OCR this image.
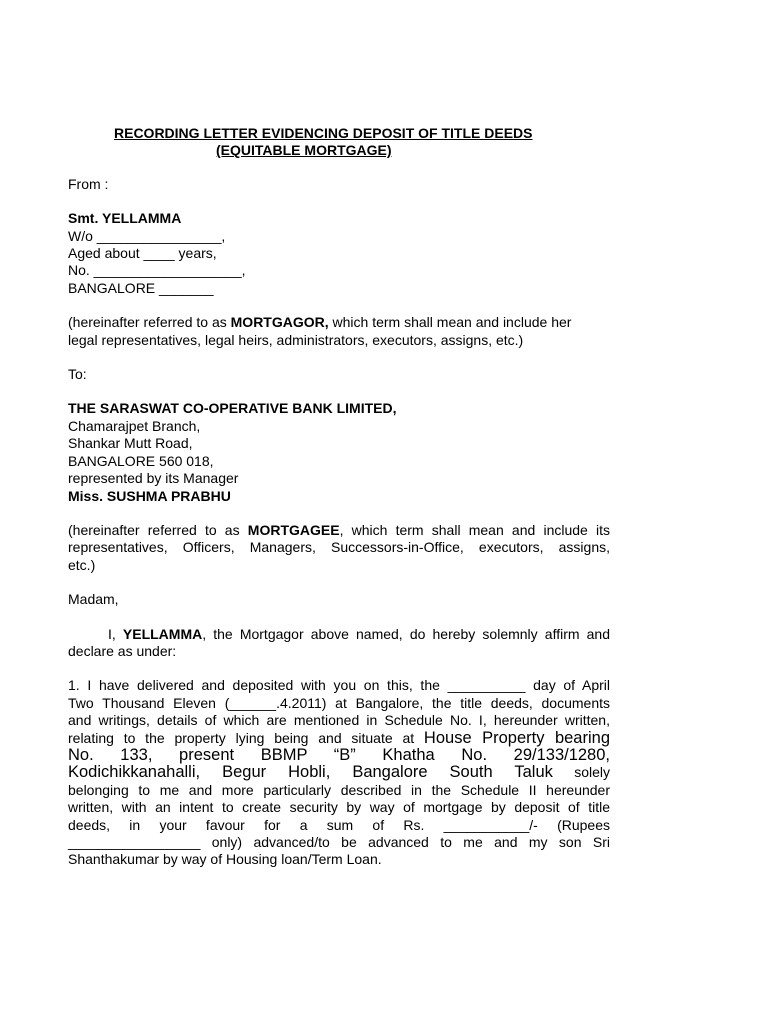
RECORDING LETTER EVIDENCING DEPOSIT OF TITLE DEEDS
(EQUITABLE MORTGAGE)
From :
Smt. YELLAMMA
W/o ________________,
Aged about ____ years,
No. ___________________,
BANGALORE _______
(hereinafter referred to as MORTGAGOR, which term shall mean and include her
legal representatives, legal heirs, administrators, executors, assigns, etc.)
To:
THE SARASWAT CO-OPERATIVE BANK LIMITED,
Chamarajpet Branch,
Shankar Mutt Road,
BANGALORE 560 018,
represented by its Manager
Miss. SUSHMA PRABHU
(hereinafter referred to as MORTGAGEE, which term shall mean and include its
representatives, Officers, Managers, Successors-in-Office, executors, assigns,
etc.)
Madam,
I, YELLAMMA, the Mortgagor above named, do hereby solemnly affirm and
declare as under:
1. I have delivered and deposited with you on this, the __________ day of April
Two Thousand Eleven (______.4.2011) at Bangalore, the title deeds, documents
and writings, details of which are mentioned in Schedule No. I, hereunder written,
relating to the property lying being and situate at House Property bearing
No. 133, present BBMP “B” Khatha No. 29/133/1280,
Kodichikkanahalli, Begur Hobli, Bangalore South Taluk solely
belonging to me and more particularly described in the Schedule II hereunder
written, with an intent to create security by way of mortgage by deposit of title
deeds, in your favour for a sum of Rs. ___________/- (Rupees
_________________ only) advanced/to be advanced to me and my son Sri
Shanthakumar by way of Housing loan/Term Loan.
